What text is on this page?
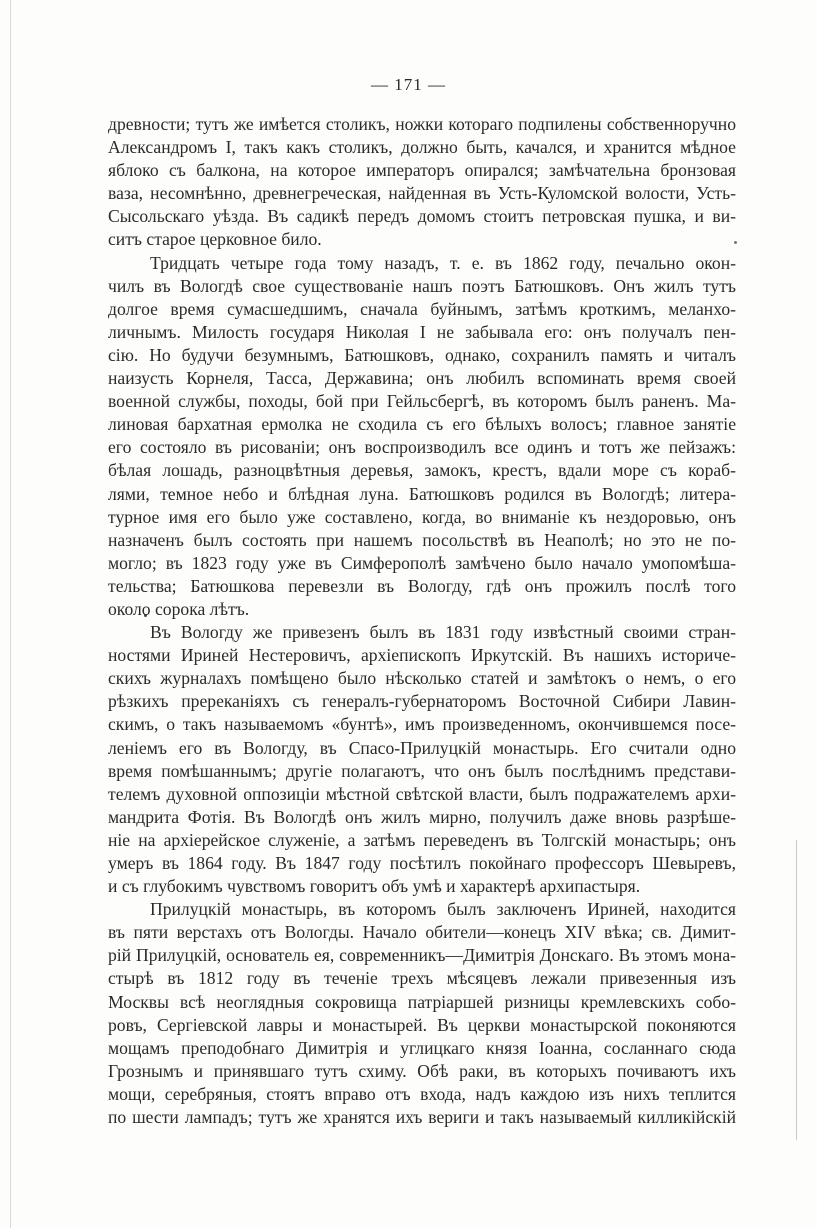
— 171 —

древности; тутъ же имѣется столикъ, ножки котораго подпилены собственноручно
Александромъ I, такъ какъ столикъ, должно быть, качался, и хранится мѣдное
яблоко съ балкона, на которое императоръ опирался; замѣчательна бронзовая
ваза, несомнѣнно, древнегреческая, найденная въ Усть-Куломской волости, Усть-
Сысольскаго уѣзда. Въ садикѣ передъ домомъ стоитъ петровская пушка, и ви-
ситъ старое церковное било.

Тридцать четыре года тому назадъ, т. е. въ 1862 году, печально окон-
чилъ въ Вологдѣ свое существованіе нашъ поэтъ Батюшковъ. Онъ жилъ тутъ
долгое время сумасшедшимъ, сначала буйнымъ, затѣмъ кроткимъ, меланхо-
личнымъ. Милость государя Николая I не забывала его: онъ получалъ пен-
сію. Но будучи безумнымъ, Батюшковъ, однако, сохранилъ память и читалъ
наизусть Корнеля, Тасса, Державина; онъ любилъ вспоминать время своей
военной службы, походы, бой при Гейльсбергѣ, въ которомъ былъ раненъ. Ма-
линовая бархатная ермолка не сходила съ его бѣлыхъ волосъ; главное занятіе
его состояло въ рисованіи; онъ воспроизводилъ все одинъ и тотъ же пейзажъ:
бѣлая лошадь, разноцвѣтныя деревья, замокъ, крестъ, вдали море съ кораб-
лями, темное небо и блѣдная луна. Батюшковъ родился въ Вологдѣ; литера-
турное имя его было уже составлено, когда, во вниманіе къ нездоровью, онъ
назначенъ былъ состоять при нашемъ посольствѣ въ Неаполѣ; но это не по-
могло; въ 1823 году уже въ Симферополѣ замѣчено было начало умопомѣша-
тельства; Батюшкова перевезли въ Вологду, гдѣ онъ прожилъ послѣ того
около сорока лѣтъ.

Въ Вологду же привезенъ былъ въ 1831 году извѣстный своими стран-
ностями Ириней Нестеровичъ, архіепископъ Иркутскій. Въ нашихъ историче-
скихъ журналахъ помѣщено было нѣсколько статей и замѣтокъ о немъ, о его
рѣзкихъ пререканіяхъ съ генералъ-губернаторомъ Восточной Сибири Лавин-
скимъ, о такъ называемомъ «бунтѣ», имъ произведенномъ, окончившемся посе-
леніемъ его въ Вологду, въ Спасо-Прилуцкій монастырь. Его считали одно
время помѣшаннымъ; другіе полагаютъ, что онъ былъ послѣднимъ представи-
телемъ духовной оппозиціи мѣстной свѣтской власти, былъ подражателемъ архи-
мандрита Фотія. Въ Вологдѣ онъ жилъ мирно, получилъ даже вновь разрѣше-
ніе на архіерейское служеніе, а затѣмъ переведенъ въ Толгскій монастырь; онъ
умеръ въ 1864 году. Въ 1847 году посѣтилъ покойнаго профессоръ Шевыревъ,
и съ глубокимъ чувствомъ говоритъ объ умѣ и характерѣ архипастыря.

Прилуцкій монастырь, въ которомъ былъ заключенъ Ириней, находится
въ пяти верстахъ отъ Вологды. Начало обители—конецъ XIV вѣка; св. Димит-
рій Прилуцкій, основатель ея, современникъ—Димитрія Донскаго. Въ этомъ мона-
стырѣ въ 1812 году въ теченіе трехъ мѣсяцевъ лежали привезенныя изъ
Москвы всѣ неоглядныя сокровища патріаршей ризницы кремлевскихъ собо-
ровъ, Сергіевской лавры и монастырей. Въ церкви монастырской поконяются
мощамъ преподобнаго Димитрія и углицкаго князя Іоанна, сосланнаго сюда
Грознымъ и принявшаго тутъ схиму. Обѣ раки, въ которыхъ почиваютъ ихъ
мощи, серебряныя, стоятъ вправо отъ входа, надъ каждою изъ нихъ теплится
по шести лампадъ; тутъ же хранятся ихъ вериги и такъ называемый килликійскій
